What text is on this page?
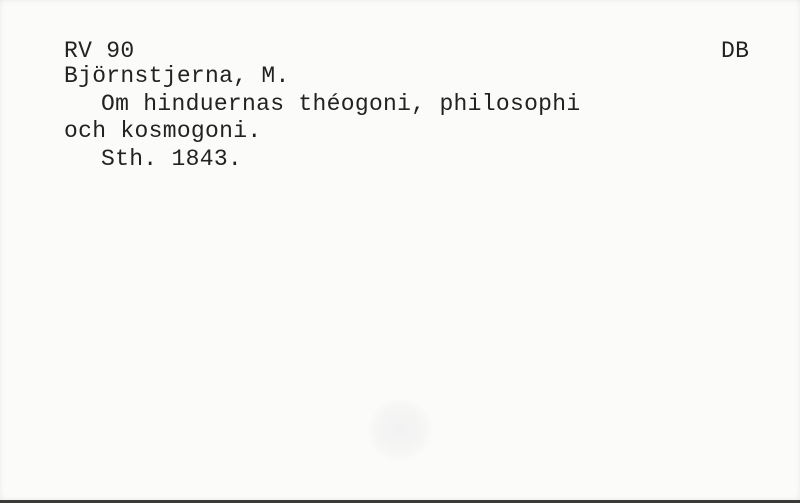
RV 90	DB
Björnstjerna, M.
Om hinduernas théogoni, philosophi
och kosmogoni.
Sth. 1843.
